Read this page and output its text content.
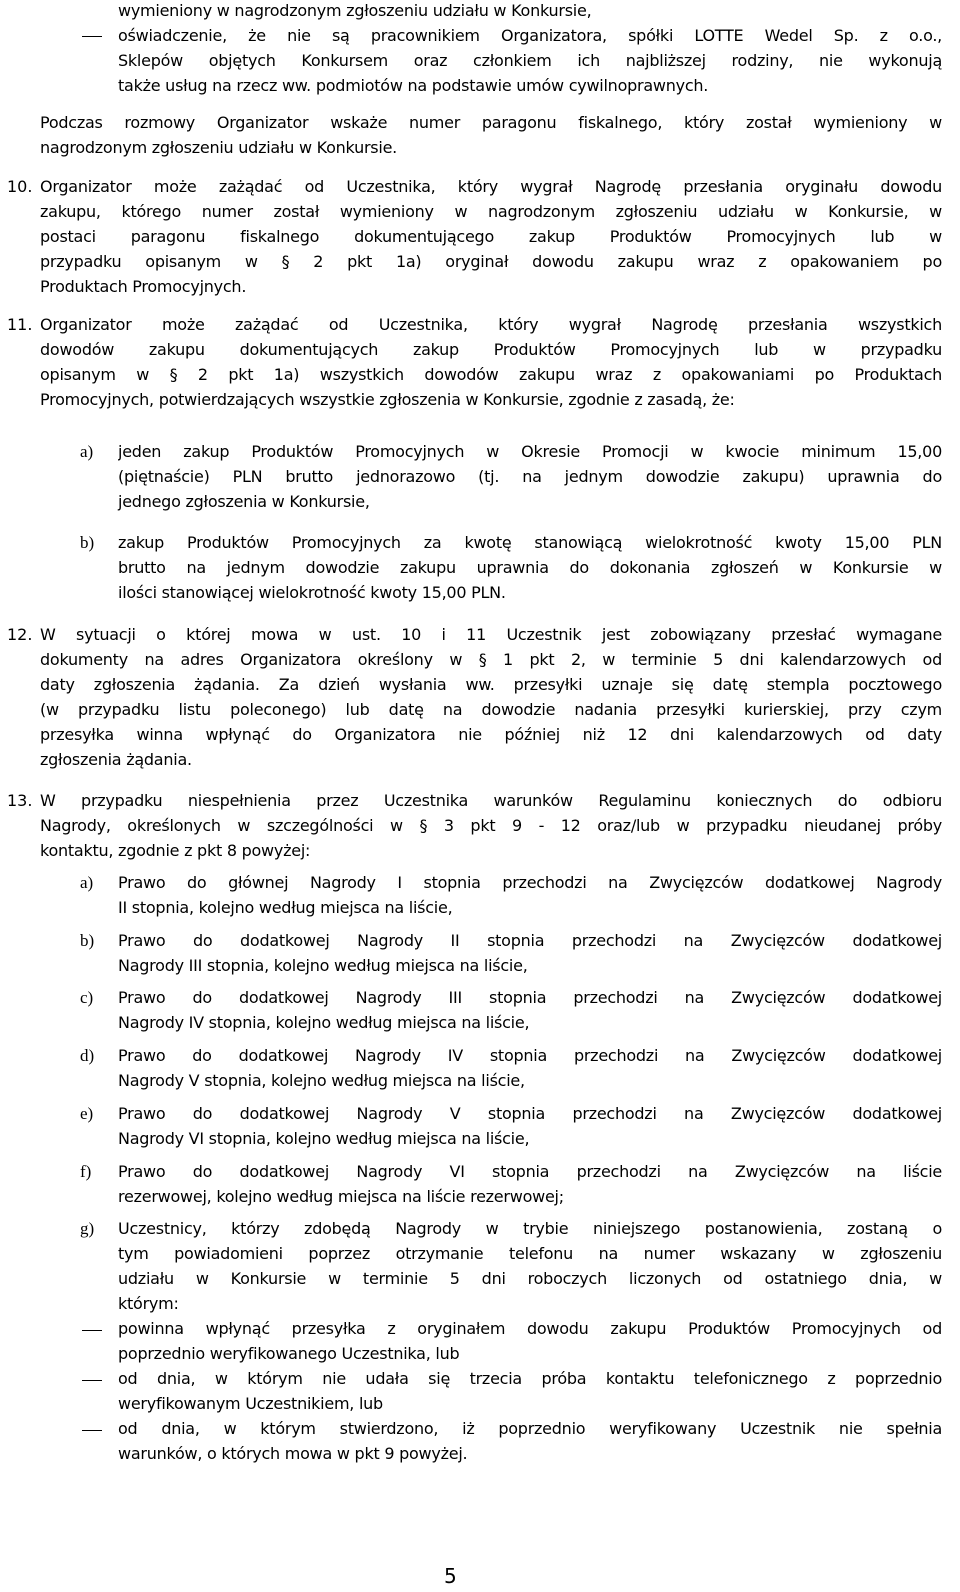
wymieniony w nagrodzonym zgłoszeniu udziału w Konkursie,
oświadczenie, że nie są pracownikiem Organizatora, spółki LOTTE Wedel Sp. z o.o.,
Sklepów objętych Konkursem oraz członkiem ich najbliższej rodziny, nie wykonują
także usług na rzecz ww. podmiotów na podstawie umów cywilnoprawnych.
Podczas rozmowy Organizator wskaże numer paragonu fiskalnego, który został wymieniony w
nagrodzonym zgłoszeniu udziału w Konkursie.
10. Organizator może zażądać od Uczestnika, który wygrał Nagrodę przesłania oryginału dowodu
zakupu, którego numer został wymieniony w nagrodzonym zgłoszeniu udziału w Konkursie, w
postaci paragonu fiskalnego dokumentującego zakup Produktów Promocyjnych lub w
przypadku opisanym w § 2 pkt 1a) oryginał dowodu zakupu wraz z opakowaniem po
Produktach Promocyjnych.
11. Organizator może zażądać od Uczestnika, który wygrał Nagrodę przesłania wszystkich
dowodów zakupu dokumentujących zakup Produktów Promocyjnych lub w przypadku
opisanym w § 2 pkt 1a) wszystkich dowodów zakupu wraz z opakowaniami po Produktach
Promocyjnych, potwierdzających wszystkie zgłoszenia w Konkursie, zgodnie z zasadą, że:
a) jeden zakup Produktów Promocyjnych w Okresie Promocji w kwocie minimum 15,00
(piętnaście) PLN brutto jednorazowo (tj. na jednym dowodzie zakupu) uprawnia do
jednego zgłoszenia w Konkursie,
b) zakup Produktów Promocyjnych za kwotę stanowiącą wielokrotność kwoty 15,00 PLN
brutto na jednym dowodzie zakupu uprawnia do dokonania zgłoszeń w Konkursie w
ilości stanowiącej wielokrotność kwoty 15,00 PLN.
12. W sytuacji o której mowa w ust. 10 i 11 Uczestnik jest zobowiązany przesłać wymagane
dokumenty na adres Organizatora określony w § 1 pkt 2, w terminie 5 dni kalendarzowych od
daty zgłoszenia żądania. Za dzień wysłania ww. przesyłki uznaje się datę stempla pocztowego
(w przypadku listu poleconego) lub datę na dowodzie nadania przesyłki kurierskiej, przy czym
przesyłka winna wpłynąć do Organizatora nie później niż 12 dni kalendarzowych od daty
zgłoszenia żądania.
13. W przypadku niespełnienia przez Uczestnika warunków Regulaminu koniecznych do odbioru
Nagrody, określonych w szczególności w § 3 pkt 9 - 12 oraz/lub w przypadku nieudanej próby
kontaktu, zgodnie z pkt 8 powyżej:
a) Prawo do głównej Nagrody I stopnia przechodzi na Zwycięzców dodatkowej Nagrody
II stopnia, kolejno według miejsca na liście,
b) Prawo do dodatkowej Nagrody II stopnia przechodzi na Zwycięzców dodatkowej
Nagrody III stopnia, kolejno według miejsca na liście,
c) Prawo do dodatkowej Nagrody III stopnia przechodzi na Zwycięzców dodatkowej
Nagrody IV stopnia, kolejno według miejsca na liście,
d) Prawo do dodatkowej Nagrody IV stopnia przechodzi na Zwycięzców dodatkowej
Nagrody V stopnia, kolejno według miejsca na liście,
e) Prawo do dodatkowej Nagrody V stopnia przechodzi na Zwycięzców dodatkowej
Nagrody VI stopnia, kolejno według miejsca na liście,
f) Prawo do dodatkowej Nagrody VI stopnia przechodzi na Zwycięzców na liście
rezerwowej, kolejno według miejsca na liście rezerwowej;
g) Uczestnicy, którzy zdobędą Nagrody w trybie niniejszego postanowienia, zostaną o
tym powiadomieni poprzez otrzymanie telefonu na numer wskazany w zgłoszeniu
udziału w Konkursie w terminie 5 dni roboczych liczonych od ostatniego dnia, w
którym:
powinna wpłynąć przesyłka z oryginałem dowodu zakupu Produktów Promocyjnych od
poprzednio weryfikowanego Uczestnika, lub
od dnia, w którym nie udała się trzecia próba kontaktu telefonicznego z poprzednio
weryfikowanym Uczestnikiem, lub
od dnia, w którym stwierdzono, iż poprzednio weryfikowany Uczestnik nie spełnia
warunków, o których mowa w pkt 9 powyżej.
5
